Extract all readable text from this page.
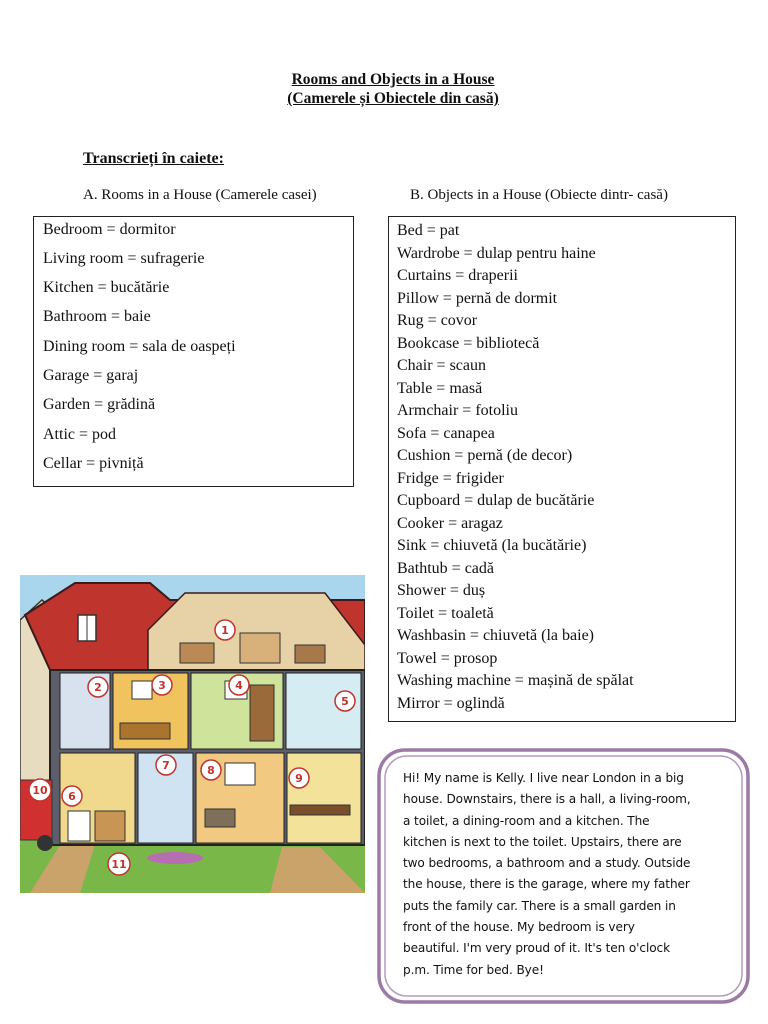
Rooms and Objects in a House
(Camerele și Obiectele din casă)
Transcrieți în caiete:
A. Rooms in a House (Camerele casei)	B. Objects in a House (Obiecte dintr- casă)
Bedroom = dormitor
Living room = sufragerie
Kitchen = bucătărie
Bathroom = baie
Dining room = sala de oaspeți
Garage = garaj
Garden = grădină
Attic = pod
Cellar = pivniță
Bed = pat
Wardrobe = dulap pentru haine
Curtains = draperii
Pillow = pernă de dormit
Rug = covor
Bookcase = bibliotecă
Chair = scaun
Table = masă
Armchair = fotoliu
Sofa = canapea
Cushion = pernă (de decor)
Fridge = frigider
Cupboard = dulap de bucătărie
Cooker = aragaz
Sink = chiuvetă (la bucătărie)
Bathtub = cadă
Shower = duș
Toilet = toaletă
Washbasin = chiuvetă (la baie)
Towel = prosop
Washing machine = mașină de spălat
Mirror = oglindă
1
2	3	4
5
6
7	8
9
10
11
Hi! My name is Kelly. I live near London in a big
house. Downstairs, there is a hall, a living-room,
a toilet, a dining-room and a kitchen. The
kitchen is next to the toilet. Upstairs, there are
two bedrooms, a bathroom and a study. Outside
the house, there is the garage, where my father
puts the family car. There is a small garden in
front of the house. My bedroom is very
beautiful. I'm very proud of it. It's ten o'clock
p.m. Time for bed. Bye!
